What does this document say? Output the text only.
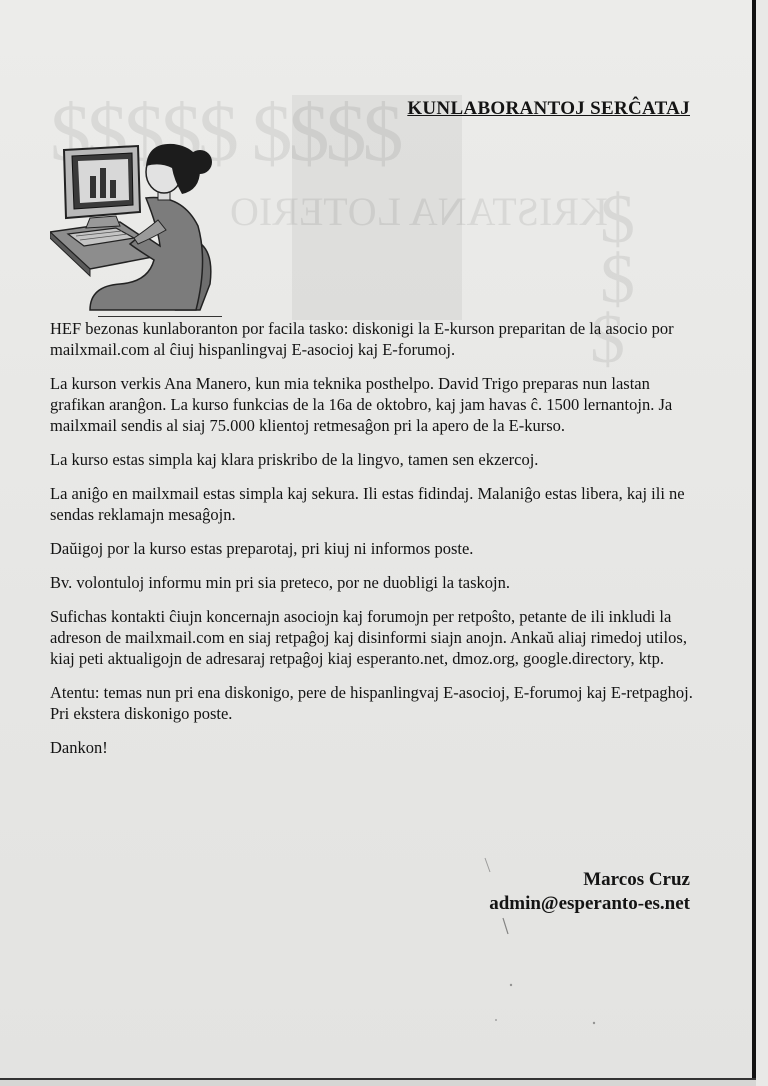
$$$$$ $$$$
KRISTANA LOTERIO
$
$
$
KUNLABORANTOJ SERĈATAJ

HEF bezonas kunlaboranton por facila tasko: diskonigi la E-kurson preparitan de la asocio por mailxmail.com al ĉiuj hispanlingvaj E-asocioj kaj E-forumoj.

La kurson verkis Ana Manero, kun mia teknika posthelpo. David Trigo preparas nun lastan grafikan aranĝon. La kurso funkcias de la 16a de oktobro, kaj jam havas ĉ. 1500 lernantojn. Ja mailxmail sendis al siaj 75.000 klientoj retmesaĝon pri la apero de la E-kurso.

La kurso estas simpla kaj klara priskribo de la lingvo, tamen sen ekzercoj.

La aniĝo en mailxmail estas simpla kaj sekura. Ili estas fidindaj. Malaniĝo estas libera, kaj ili ne sendas reklamajn mesaĝojn.

Daŭigoj por la kurso estas preparotaj, pri kiuj ni informos poste.

Bv. volontuloj informu min pri sia preteco, por ne duobligi la taskojn.

Sufichas kontakti ĉiujn koncernajn asociojn kaj forumojn per retpoŝto, petante de ili inkludi la adreson de mailxmail.com en siaj retpaĝoj kaj disinformi siajn anojn. Ankaŭ aliaj rimedoj utilos, kiaj peti aktualigojn de adresaraj retpaĝoj kiaj esperanto.net, dmoz.org, google.directory, ktp.

Atentu: temas nun pri ena diskonigo, pere de hispanlingvaj E-asocioj, E-forumoj kaj E-retpaghoj. Pri ekstera diskonigo poste.

Dankon!

Marcos Cruz
admin@esperanto-es.net
